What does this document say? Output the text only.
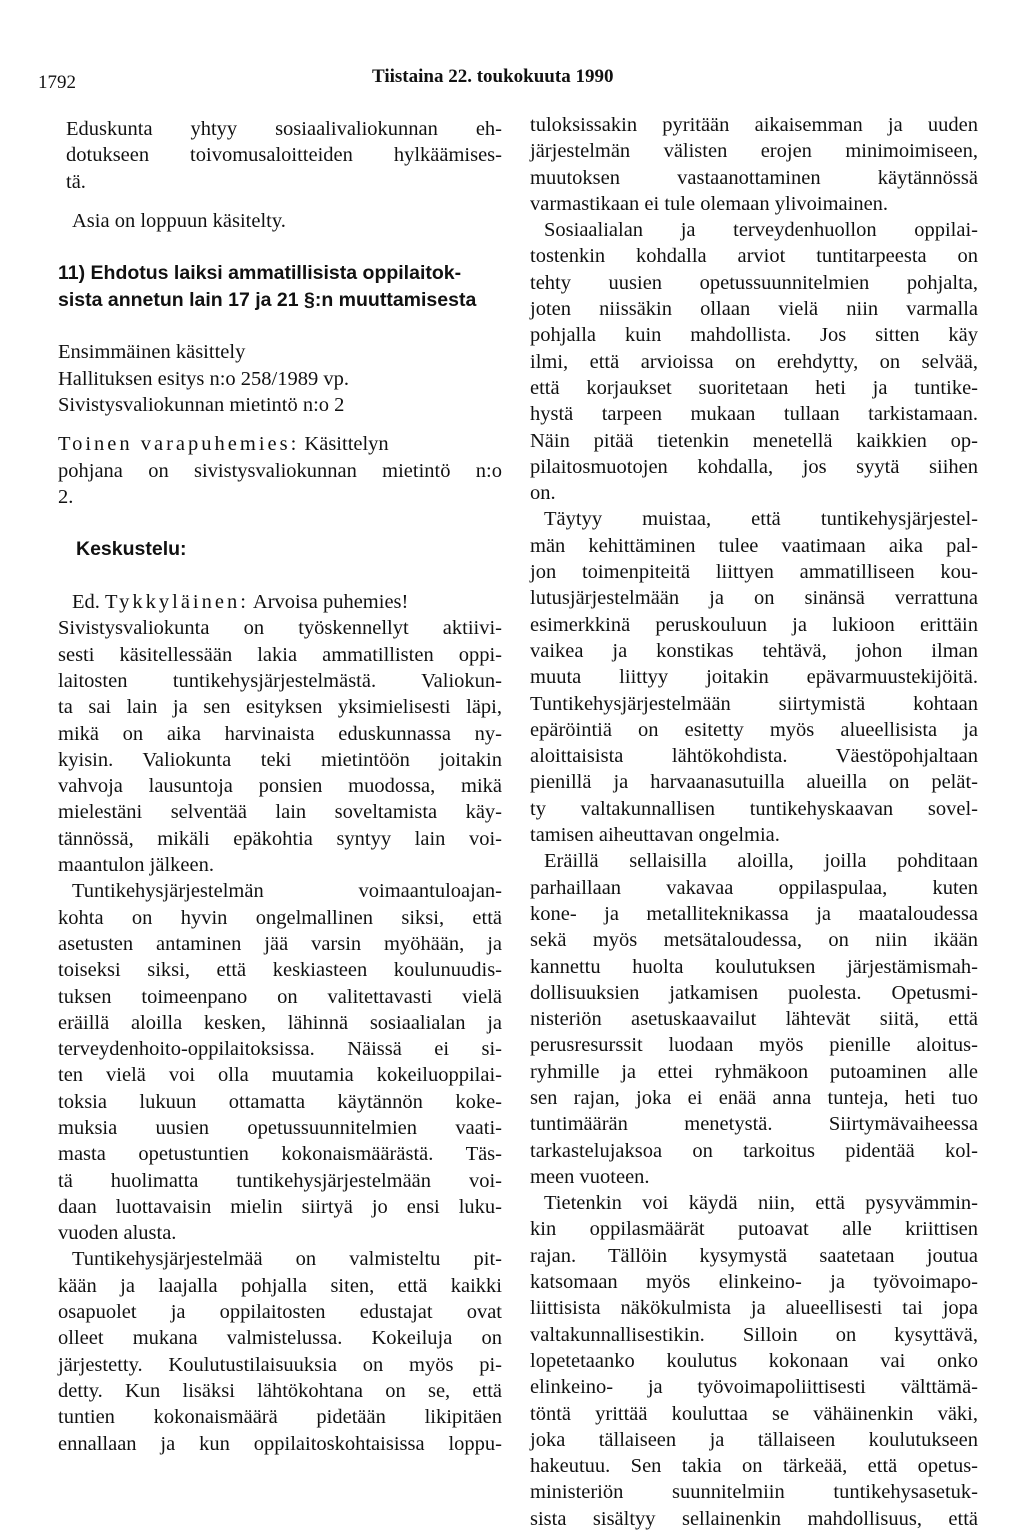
1792	Tiistaina 22. toukokuuta 1990
Eduskunta yhtyy sosiaalivaliokunnan eh-
dotukseen toivomusaloitteiden hylkäämises-
tä.
Asia on loppuun käsitelty.
11) Ehdotus laiksi ammatillisista oppilaitok-
sista annetun lain 17 ja 21 §:n muuttamisesta
Ensimmäinen käsittely
Hallituksen esitys n:o 258/1989 vp.
Sivistysvaliokunnan mietintö n:o 2
Toinen varapuhemies: Käsittelyn
pohjana on sivistysvaliokunnan mietintö n:o
2.
Keskustelu:
Ed. Tykkyläinen: Arvoisa puhemies!
Sivistysvaliokunta on työskennellyt aktiivi-
sesti käsitellessään lakia ammatillisten oppi-
laitosten tuntikehysjärjestelmästä. Valiokun-
ta sai lain ja sen esityksen yksimielisesti läpi,
mikä on aika harvinaista eduskunnassa ny-
kyisin. Valiokunta teki mietintöön joitakin
vahvoja lausuntoja ponsien muodossa, mikä
mielestäni selventää lain soveltamista käy-
tännössä, mikäli epäkohtia syntyy lain voi-
maantulon jälkeen.
Tuntikehysjärjestelmän voimaantuloajan-
kohta on hyvin ongelmallinen siksi, että
asetusten antaminen jää varsin myöhään, ja
toiseksi siksi, että keskiasteen koulunuudis-
tuksen toimeenpano on valitettavasti vielä
eräillä aloilla kesken, lähinnä sosiaalialan ja
terveydenhoito-oppilaitoksissa. Näissä ei si-
ten vielä voi olla muutamia kokeiluoppilai-
toksia lukuun ottamatta käytännön koke-
muksia uusien opetussuunnitelmien vaati-
masta opetustuntien kokonaismäärästä. Täs-
tä huolimatta tuntikehysjärjestelmään voi-
daan luottavaisin mielin siirtyä jo ensi luku-
vuoden alusta.
Tuntikehysjärjestelmää on valmisteltu pit-
kään ja laajalla pohjalla siten, että kaikki
osapuolet ja oppilaitosten edustajat ovat
olleet mukana valmistelussa. Kokeiluja on
järjestetty. Koulutustilaisuuksia on myös pi-
detty. Kun lisäksi lähtökohtana on se, että
tuntien kokonaismäärä pidetään likipitäen
ennallaan ja kun oppilaitoskohtaisissa loppu-
tuloksissakin pyritään aikaisemman ja uuden
järjestelmän välisten erojen minimoimiseen,
muutoksen vastaanottaminen käytännössä
varmastikaan ei tule olemaan ylivoimainen.
Sosiaalialan ja terveydenhuollon oppilai-
tostenkin kohdalla arviot tuntitarpeesta on
tehty uusien opetussuunnitelmien pohjalta,
joten niissäkin ollaan vielä niin varmalla
pohjalla kuin mahdollista. Jos sitten käy
ilmi, että arvioissa on erehdytty, on selvää,
että korjaukset suoritetaan heti ja tuntike-
hystä tarpeen mukaan tullaan tarkistamaan.
Näin pitää tietenkin menetellä kaikkien op-
pilaitosmuotojen kohdalla, jos syytä siihen
on.
Täytyy muistaa, että tuntikehysjärjestel-
män kehittäminen tulee vaatimaan aika pal-
jon toimenpiteitä liittyen ammatilliseen kou-
lutusjärjestelmään ja on sinänsä verrattuna
esimerkkinä peruskouluun ja lukioon erittäin
vaikea ja konstikas tehtävä, johon ilman
muuta liittyy joitakin epävarmuustekijöitä.
Tuntikehysjärjestelmään siirtymistä kohtaan
epäröintiä on esitetty myös alueellisista ja
aloittaisista lähtökohdista. Väestöpohjaltaan
pienillä ja harvaanasutuilla alueilla on pelät-
ty valtakunnallisen tuntikehyskaavan sovel-
tamisen aiheuttavan ongelmia.
Eräillä sellaisilla aloilla, joilla pohditaan
parhaillaan vakavaa oppilaspulaa, kuten
kone- ja metalliteknikassa ja maataloudessa
sekä myös metsätaloudessa, on niin ikään
kannettu huolta koulutuksen järjestämismah-
dollisuuksien jatkamisen puolesta. Opetusmi-
nisteriön asetuskaavailut lähtevät siitä, että
perusresurssit luodaan myös pienille aloitus-
ryhmille ja ettei ryhmäkoon putoaminen alle
sen rajan, joka ei enää anna tunteja, heti tuo
tuntimäärän menetystä. Siirtymävaiheessa
tarkastelujaksoa on tarkoitus pidentää kol-
meen vuoteen.
Tietenkin voi käydä niin, että pysyvämmin-
kin oppilasmäärät putoavat alle kriittisen
rajan. Tällöin kysymystä saatetaan joutua
katsomaan myös elinkeino- ja työvoimapo-
liittisista näkökulmista ja alueellisesti tai jopa
valtakunnallisestikin. Silloin on kysyttävä,
lopetetaanko koulutus kokonaan vai onko
elinkeino- ja työvoimapoliittisesti välttämä-
töntä yrittää kouluttaa se vähäinenkin väki,
joka tällaiseen ja tällaiseen koulutukseen
hakeutuu. Sen takia on tärkeää, että opetus-
ministeriön suunnitelmiin tuntikehysasetuk-
sista sisältyy sellainenkin mahdollisuus, että
